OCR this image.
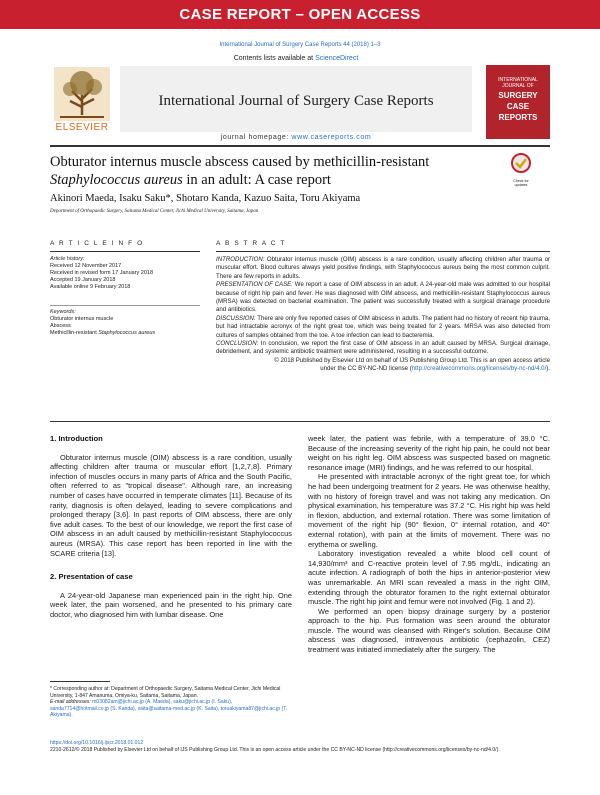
CASE REPORT – OPEN ACCESS
International Journal of Surgery Case Reports 44 (2018) 1–3
Contents lists available at ScienceDirect
International Journal of Surgery Case Reports
journal homepage: www.casereports.com
ELSEVIER
INTERNATIONAL JOURNAL OF
SURGERY
CASE
REPORTS
Obturator internus muscle abscess caused by methicillin-resistant
Staphylococcus aureus in an adult: A case report	Check for updates
Akinori Maeda, Isaku Saku*, Shotaro Kanda, Kazuo Saita, Toru Akiyama
Department of Orthopaedic Surgery, Saitama Medical Center, Jichi Medical University, Saitama, Japan
A R T I C L E I N F O	A B S T R A C T
Article history:
Received 12 November 2017
Received in revised form 17 January 2018
Accepted 19 January 2018
Available online 9 February 2018
Keywords:
Obturator internus muscle
Abscess
Methicillin-resistant Staphylococcus aureus

INTRODUCTION: Obturator internus muscle (OIM) abscess is a rare condition, usually affecting children after trauma or muscular effort. Blood cultures always yield positive findings, with Staphylococcus aureus being the most common culprit. There are few reports in adults.

PRESENTATION OF CASE: We report a case of OIM abscess in an adult. A 24-year-old male was admitted to our hospital because of right hip pain and fever. He was diagnosed with OIM abscess, and methicillin-resistant Staphylococcus aureus (MRSA) was detected on bacterial examination. The patient was successfully treated with a surgical drainage procedure and antibiotics.

DISCUSSION: There are only five reported cases of OIM abscess in adults. The patient had no history of recent hip trauma, but had intractable acronyx of the right great toe, which was being treated for 2 years. MRSA was also detected from cultures of samples obtained from the toe. A toe infection can lead to bacteremia.

CONCLUSION: In conclusion, we report the first case of OIM abscess in an adult caused by MRSA. Surgical drainage, debridement, and systemic antibiotic treatment were administered, resulting in a successful outcome.

© 2018 Published by Elsevier Ltd on behalf of IJS Publishing Group Ltd. This is an open access article
under the CC BY-NC-ND license (http://creativecommons.org/licenses/by-nc-nd/4.0/).

1. Introduction

Obturator internus muscle (OIM) abscess is a rare condition, usually affecting children after trauma or muscular effort [1,2,7,8]. Primary infection of muscles occurs in many parts of Africa and the South Pacific, often referred to as "tropical disease". Although rare, an increasing number of cases have occurred in temperate climates [11]. Because of its rarity, diagnosis is often delayed, leading to severe complications and prolonged therapy [3,6]. In past reports of OIM abscess, there are only five adult cases. To the best of our knowledge, we report the first case of OIM abscess in an adult caused by methicillin-resistant Staphylococcus aureus (MRSA). This case report has been reported in line with the SCARE criteria [13].

2. Presentation of case

A 24-year-old Japanese man experienced pain in the right hip. One week later, the pain worsened, and he presented to his primary care doctor, who diagnosed him with lumbar disease. One

* Corresponding author at: Department of Orthopaedic Surgery, Saitama Medical Center, Jichi Medical University, 1-847 Amanuma, Omiya-ku, Saitama, Saitama, Japan.
E-mail addresses: m03082am@jichi.ac.jp (A. Maeda), saku@jichi.ac.jp (I. Saku), sanda7714@hotmail.co.jp (S. Kanda), saita@saitama-med.ac.jp (K. Saita), toruakiyama87@jichi.ac.jp (T. Akiyama).

week later, the patient was febrile, with a temperature of 39.0 °C. Because of the increasing severity of the right hip pain, he could not bear weight on his right leg. OIM abscess was suspected based on magnetic resonance image (MRI) findings, and he was referred to our hospital.

He presented with intractable acronyx of the right great toe, for which he had been undergoing treatment for 2 years. He was otherwise healthy, with no history of foreign travel and was not taking any medication. On physical examination, his temperature was 37.2 °C. His right hip was held in flexion, abduction, and external rotation. There was some limitation of movement of the right hip (90° flexion, 0° internal rotation, and 40° external rotation), with pain at the limits of movement. There was no erythema or swelling.

Laboratory investigation revealed a white blood cell count of 14,930/mm³ and C-reactive protein level of 7.95 mg/dL, indicating an acute infection. A radiograph of both the hips in anterior-posterior view was unremarkable. An MRI scan revealed a mass in the right OIM, extending through the obturator foramen to the right external obturator muscle. The right hip joint and femur were not involved (Fig. 1 and 2).

We performed an open biopsy drainage surgery by a posterior approach to the hip. Pus formation was seen around the obturator muscle. The wound was cleansed with Ringer's solution. Because OIM abscess was diagnosed, intravenous antibiotic (cephazolin, CEZ) treatment was initiated immediately after the surgery. The

https://doi.org/10.1016/j.ijscr.2018.01.012
2210-2612/© 2018 Published by Elsevier Ltd on behalf of IJS Publishing Group Ltd. This is an open access article under the CC BY-NC-ND license (http://creativecommons.org/licenses/by-nc-nd/4.0/).
